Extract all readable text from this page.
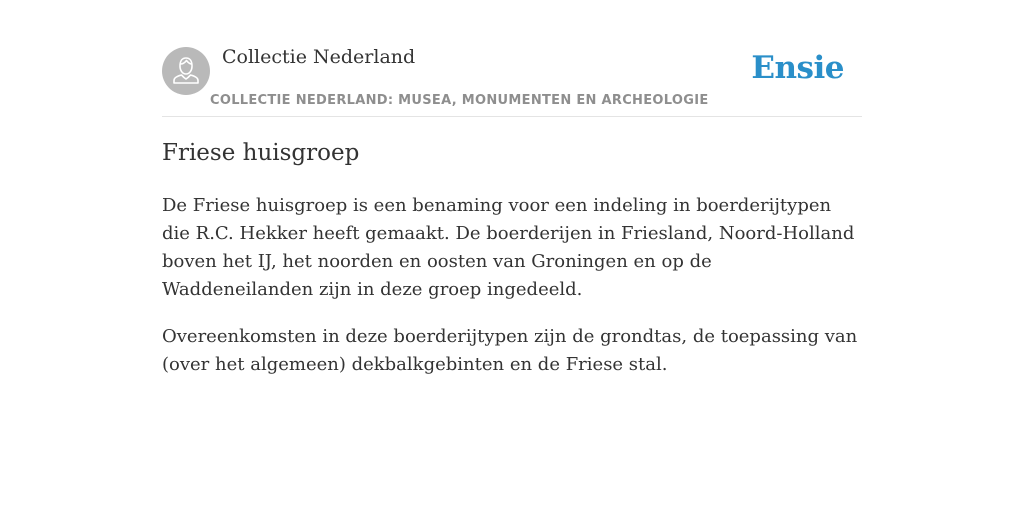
Collectie Nederland
COLLECTIE NEDERLAND: MUSEA, MONUMENTEN EN ARCHEOLOGIE
Ensie
Friese huisgroep

De Friese huisgroep is een benaming voor een indeling in boerderijtypen die R.C. Hekker heeft gemaakt. De boerderijen in Friesland, Noord-Holland boven het IJ, het noorden en oosten van Groningen en op de Waddeneilanden zijn in deze groep ingedeeld.

Overeenkomsten in deze boerderijtypen zijn de grondtas, de toepassing van (over het algemeen) dekbalkgebinten en de Friese stal.
